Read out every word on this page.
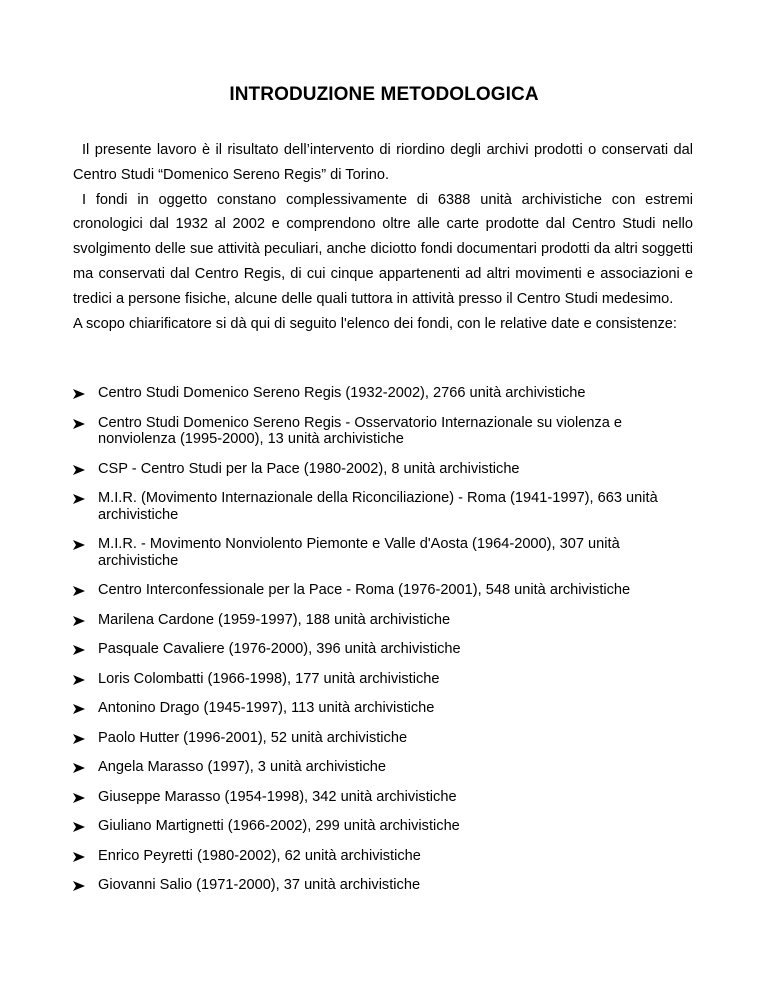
INTRODUZIONE METODOLOGICA

Il presente lavoro è il risultato dell’intervento di riordino degli archivi prodotti o conservati dal Centro Studi “Domenico Sereno Regis” di Torino.

I fondi in oggetto constano complessivamente di 6388 unità archivistiche con estremi cronologici dal 1932 al 2002 e comprendono oltre alle carte prodotte dal Centro Studi nello svolgimento delle sue attività peculiari, anche diciotto fondi documentari prodotti da altri soggetti ma conservati dal Centro Regis, di cui cinque appartenenti ad altri movimenti e associazioni e tredici a persone fisiche, alcune delle quali tuttora in attività presso il Centro Studi medesimo.

A scopo chiarificatore si dà qui di seguito l'elenco dei fondi, con le relative date e consistenze:

Centro Studi Domenico Sereno Regis (1932-2002), 2766 unità archivistiche
Centro Studi Domenico Sereno Regis - Osservatorio Internazionale su violenza e nonviolenza (1995-2000), 13 unità archivistiche
CSP - Centro Studi per la Pace (1980-2002), 8 unità archivistiche
M.I.R. (Movimento Internazionale della Riconciliazione) - Roma (1941-1997), 663 unità archivistiche
M.I.R. - Movimento Nonviolento Piemonte e Valle d'Aosta (1964-2000), 307 unità archivistiche
Centro Interconfessionale per la Pace - Roma (1976-2001), 548 unità archivistiche
Marilena Cardone (1959-1997), 188 unità archivistiche
Pasquale Cavaliere (1976-2000), 396 unità archivistiche
Loris Colombatti (1966-1998), 177 unità archivistiche
Antonino Drago (1945-1997), 113 unità archivistiche
Paolo Hutter (1996-2001), 52 unità archivistiche
Angela Marasso (1997), 3 unità archivistiche
Giuseppe Marasso (1954-1998), 342 unità archivistiche
Giuliano Martignetti (1966-2002), 299 unità archivistiche
Enrico Peyretti (1980-2002), 62 unità archivistiche
Giovanni Salio (1971-2000), 37 unità archivistiche
